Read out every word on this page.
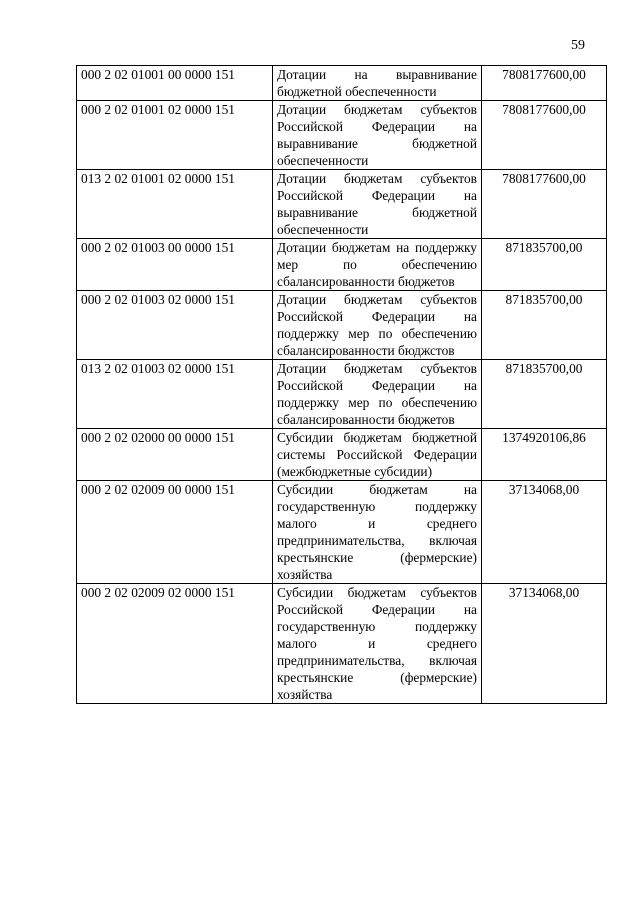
59
000 2 02 01001 00 0000 151	Дотации на выравнивание бюджетной обеспеченности	7808177600,00
000 2 02 01001 02 0000 151	Дотации бюджетам субъектов Российской Федерации на выравнивание бюджетной обеспеченности	7808177600,00
013 2 02 01001 02 0000 151	Дотации бюджетам субъектов Российской Федерации на выравнивание бюджетной обеспеченности	7808177600,00
000 2 02 01003 00 0000 151	Дотации бюджетам на поддержку мер по обеспечению сбалансированности бюджетов	871835700,00
000 2 02 01003 02 0000 151	Дотации бюджетам субъектов Российской Федерации на поддержку мер по обеспечению сбалансированности бюджстов	871835700,00
013 2 02 01003 02 0000 151	Дотации бюджетам субъектов Российской Федерации на поддержку мер по обеспечению сбалансированности бюджетов	871835700,00
000 2 02 02000 00 0000 151	Субсидии бюджетам бюджетной системы Российской Федерации (межбюджетные субсидии)	1374920106,86
000 2 02 02009 00 0000 151	Субсидии бюджетам на государственную поддержку малого и среднего предпринимательства, включая крестьянские (фермерские) хозяйства	37134068,00
000 2 02 02009 02 0000 151	Субсидии бюджетам субъектов Российской Федерации на государственную поддержку малого и среднего предпринимательства, включая крестьянские (фермерские) хозяйства	37134068,00
